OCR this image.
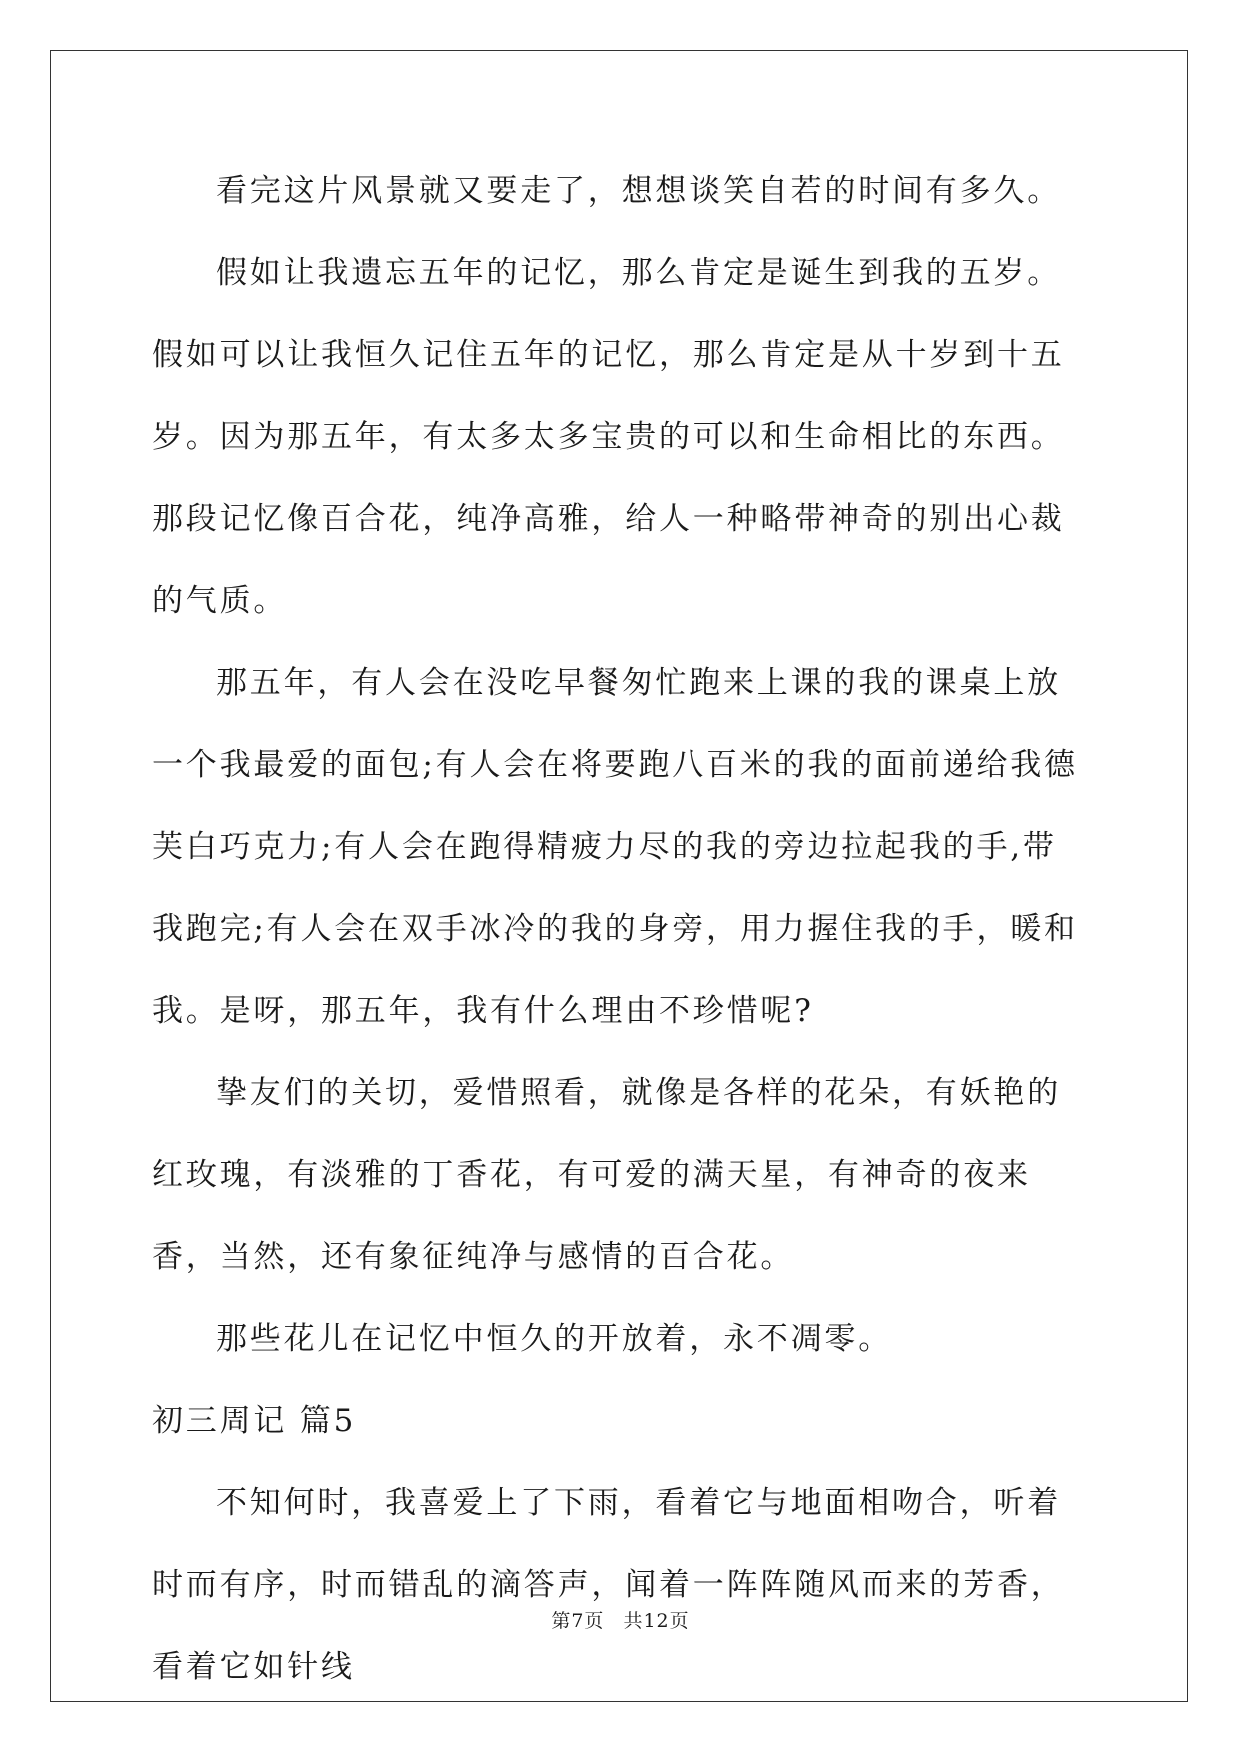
看完这片风景就又要走了，想想谈笑自若的时间有多久。

假如让我遗忘五年的记忆，那么肯定是诞生到我的五岁。假如可以让我恒久记住五年的记忆，那么肯定是从十岁到十五岁。因为那五年，有太多太多宝贵的可以和生命相比的东西。那段记忆像百合花，纯净高雅，给人一种略带神奇的别出心裁的气质。

那五年，有人会在没吃早餐匆忙跑来上课的我的课桌上放一个我最爱的面包;有人会在将要跑八百米的我的面前递给我德芙白巧克力;有人会在跑得精疲力尽的我的旁边拉起我的手,带我跑完;有人会在双手冰冷的我的身旁，用力握住我的手，暖和我。是呀，那五年，我有什么理由不珍惜呢?

挚友们的关切，爱惜照看，就像是各样的花朵，有妖艳的红玫瑰，有淡雅的丁香花，有可爱的满天星，有神奇的夜来香，当然，还有象征纯净与感情的百合花。

那些花儿在记忆中恒久的开放着，永不凋零。

初三周记 篇5

不知何时，我喜爱上了下雨，看着它与地面相吻合，听着时而有序，时而错乱的滴答声，闻着一阵阵随风而来的芳香，看着它如针线

第7页 共12页
